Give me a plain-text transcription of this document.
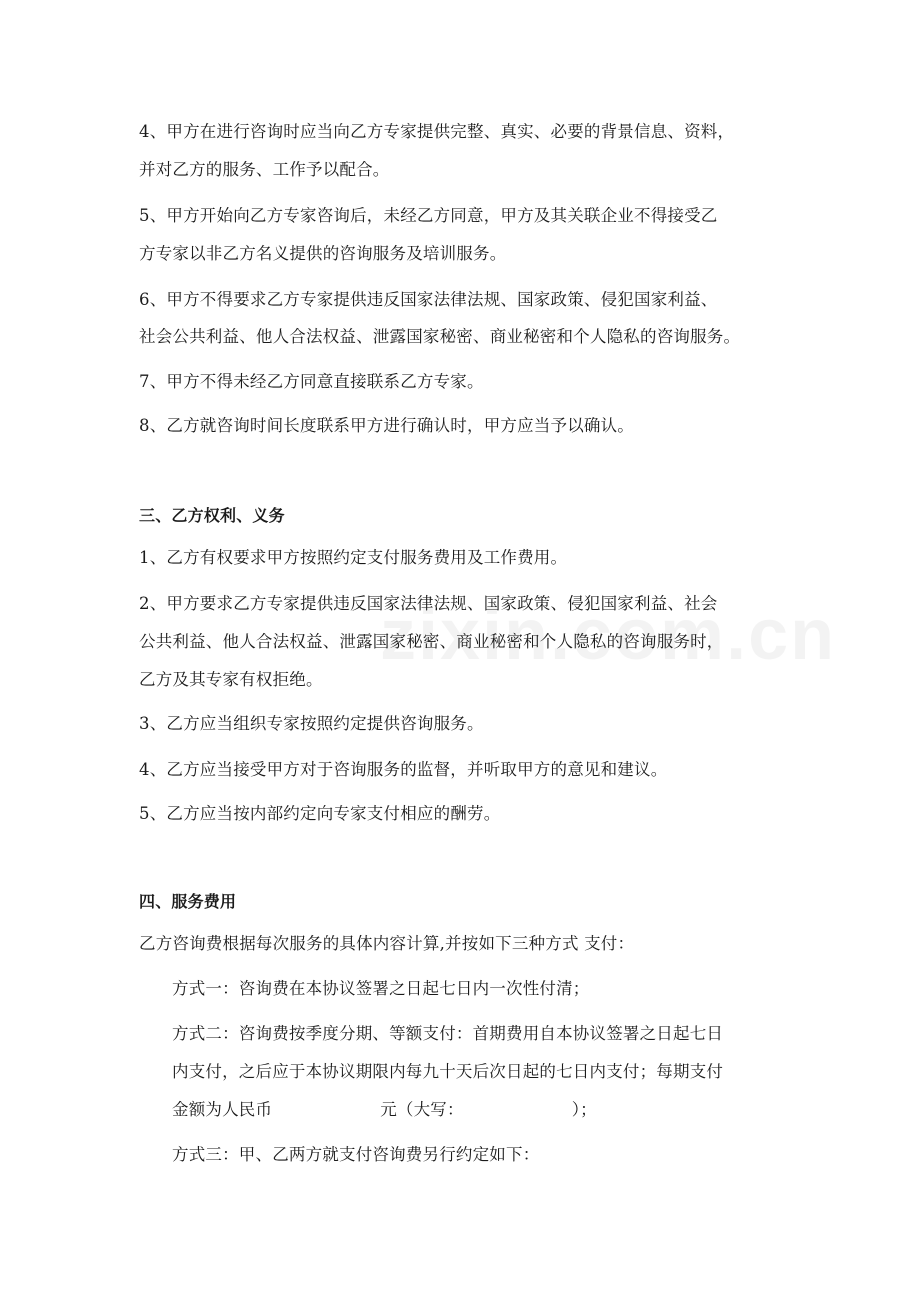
4、甲方在进行咨询时应当向乙方专家提供完整、真实、必要的背景信息、资料，
并对乙方的服务、工作予以配合。
5、甲方开始向乙方专家咨询后，未经乙方同意，甲方及其关联企业不得接受乙
方专家以非乙方名义提供的咨询服务及培训服务。
6、甲方不得要求乙方专家提供违反国家法律法规、国家政策、侵犯国家利益、
社会公共利益、他人合法权益、泄露国家秘密、商业秘密和个人隐私的咨询服务。
7、甲方不得未经乙方同意直接联系乙方专家。
8、乙方就咨询时间长度联系甲方进行确认时，甲方应当予以确认。
三、乙方权利、义务
1、乙方有权要求甲方按照约定支付服务费用及工作费用。
2、甲方要求乙方专家提供违反国家法律法规、国家政策、侵犯国家利益、社会
公共利益、他人合法权益、泄露国家秘密、商业秘密和个人隐私的咨询服务时，
乙方及其专家有权拒绝。
3、乙方应当组织专家按照约定提供咨询服务。
4、乙方应当接受甲方对于咨询服务的监督，并听取甲方的意见和建议。
5、乙方应当按内部约定向专家支付相应的酬劳。
四、服务费用
乙方咨询费根据每次服务的具体内容计算,并按如下三种方式 支付：
方式一：咨询费在本协议签署之日起七日内一次性付清；
方式二：咨询费按季度分期、等额支付：首期费用自本协议签署之日起七日
内支付，之后应于本协议期限内每九十天后次日起的七日内支付；每期支付
金额为人民币	元（大写：	）；
方式三：甲、乙两方就支付咨询费另行约定如下：
